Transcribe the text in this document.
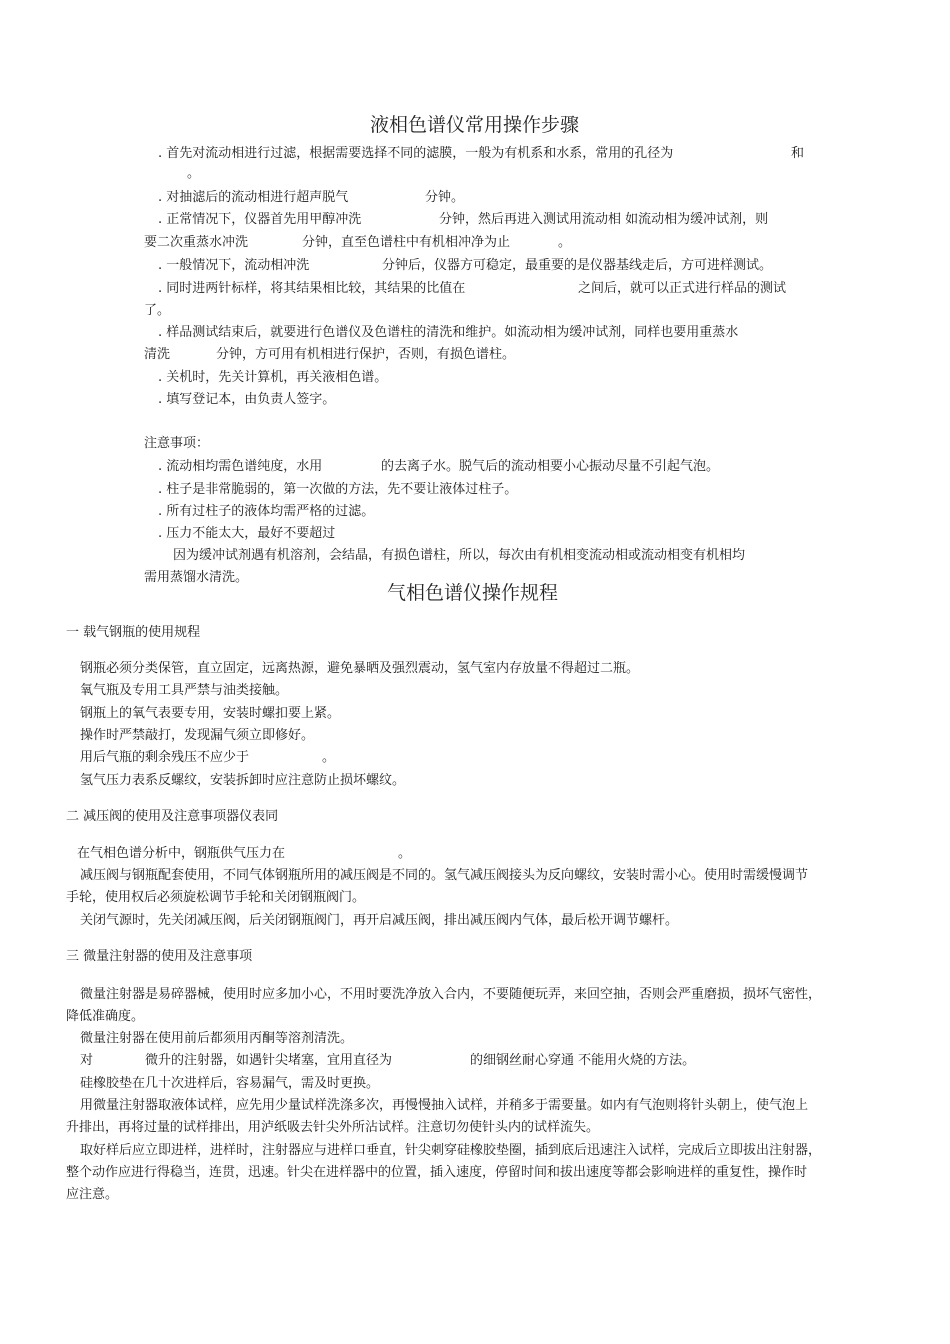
液相色谱仪常用操作步骤
. 首先对流动相进行过滤，根据需要选择不同的滤膜，一般为有机系和水系，常用的孔径为	和
。
. 对抽滤后的流动相进行超声脱气	分钟。
. 正常情况下，仪器首先用甲醇冲洗	分钟，然后再进入测试用流动相 如流动相为缓冲试剂，则
要二次重蒸水冲洗	分钟，直至色谱柱中有机相冲净为止	。
. 一般情况下，流动相冲洗	分钟后，仪器方可稳定，最重要的是仪器基线走后，方可进样测试。
. 同时进两针标样，将其结果相比较，其结果的比值在	之间后，就可以正式进行样品的测试
了。
. 样品测试结束后，就要进行色谱仪及色谱柱的清洗和维护。如流动相为缓冲试剂，同样也要用重蒸水
清洗	分钟，方可用有机相进行保护，否则，有损色谱柱。
. 关机时，先关计算机，再关液相色谱。
. 填写登记本，由负责人签字。
注意事项：
. 流动相均需色谱纯度，水用	的去离子水。脱气后的流动相要小心振动尽量不引起气泡。
. 柱子是非常脆弱的，第一次做的方法，先不要让液体过柱子。
. 所有过柱子的液体均需严格的过滤。
. 压力不能太大，最好不要超过
因为缓冲试剂遇有机溶剂，会结晶，有损色谱柱，所以，每次由有机相变流动相或流动相变有机相均
需用蒸馏水清洗。
气相色谱仪操作规程
一 载气钢瓶的使用规程
钢瓶必须分类保管，直立固定，远离热源，避免暴晒及强烈震动，氢气室内存放量不得超过二瓶。
氧气瓶及专用工具严禁与油类接触。
钢瓶上的氧气表要专用，安装时螺扣要上紧。
操作时严禁敲打，发现漏气须立即修好。
用后气瓶的剩余残压不应少于	。
氢气压力表系反螺纹，安装拆卸时应注意防止损坏螺纹。
二 减压阀的使用及注意事项器仪表同
在气相色谱分析中，钢瓶供气压力在	。
减压阀与钢瓶配套使用，不同气体钢瓶所用的减压阀是不同的。氢气减压阀接头为反向螺纹，安装时需小心。使用时需缓慢调节
手轮，使用权后必须旋松调节手轮和关闭钢瓶阀门。
关闭气源时，先关闭减压阀，后关闭钢瓶阀门，再开启减压阀，排出减压阀内气体，最后松开调节螺杆。
三 微量注射器的使用及注意事项
微量注射器是易碎器械，使用时应多加小心，不用时要洗净放入合内，不要随便玩弄，来回空抽，否则会严重磨损，损坏气密性，
降低准确度。
微量注射器在使用前后都须用丙酮等溶剂清洗。
对	微升的注射器，如遇针尖堵塞，宜用直径为	的细钢丝耐心穿通 不能用火烧的方法。
硅橡胶垫在几十次进样后，容易漏气，需及时更换。
用微量注射器取液体试样，应先用少量试样洗涤多次，再慢慢抽入试样，并稍多于需要量。如内有气泡则将针头朝上，使气泡上
升排出，再将过量的试样排出，用泸纸吸去针尖外所沾试样。注意切勿使针头内的试样流失。
取好样后应立即进样，进样时，注射器应与进样口垂直，针尖刺穿硅橡胶垫圈，插到底后迅速注入试样，完成后立即拔出注射器，
整个动作应进行得稳当，连贯，迅速。针尖在进样器中的位置，插入速度，停留时间和拔出速度等都会影响进样的重复性，操作时
应注意。
